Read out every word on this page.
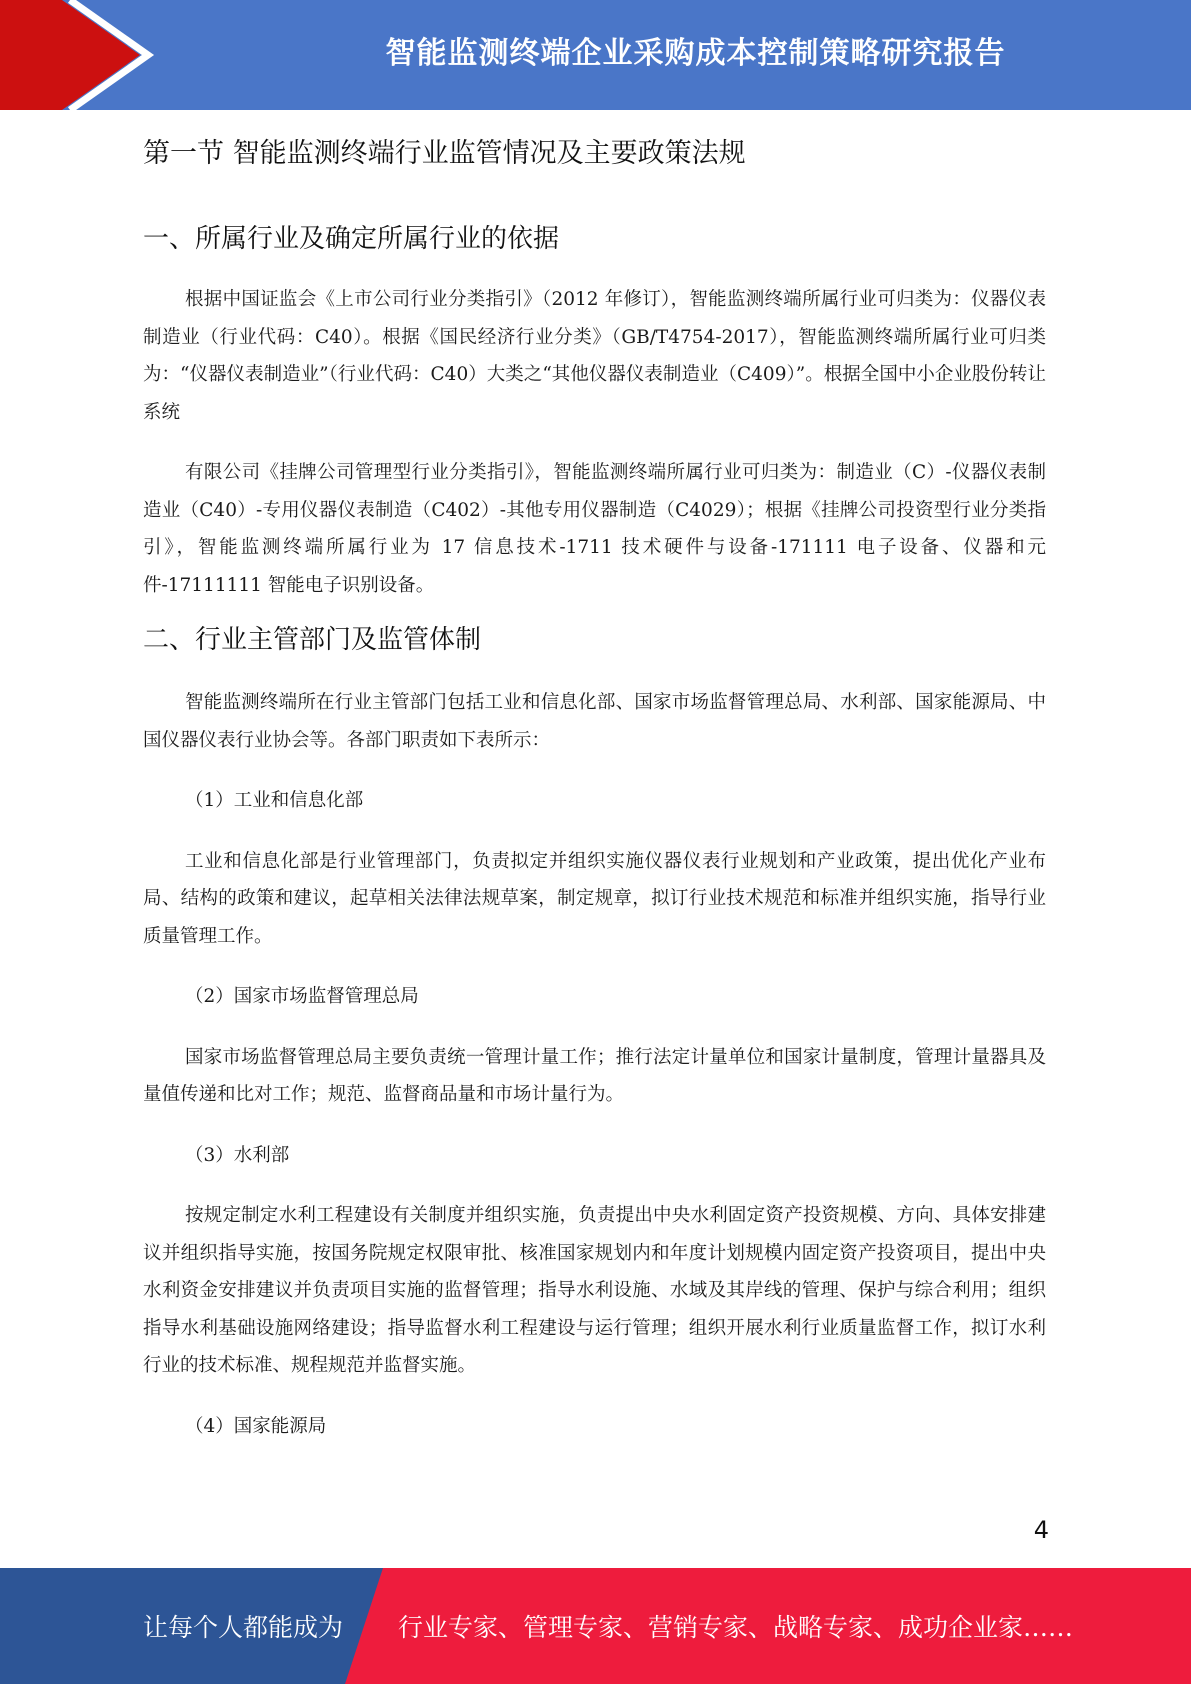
智能监测终端企业采购成本控制策略研究报告
第一节 智能监测终端行业监管情况及主要政策法规
一、所属行业及确定所属行业的依据

根据中国证监会《上市公司行业分类指引》（2012 年修订），智能监测终端所属行业可归类为：仪器仪表制造业（行业代码：C40）。根据《国民经济行业分类》（GB/T4754-2017），智能监测终端所属行业可归类为：“仪器仪表制造业”（行业代码：C40）大类之“其他仪器仪表制造业（C409）”。根据全国中小企业股份转让系统

有限公司《挂牌公司管理型行业分类指引》，智能监测终端所属行业可归类为：制造业（C）-仪器仪表制造业（C40）-专用仪器仪表制造（C402）-其他专用仪器制造（C4029）；根据《挂牌公司投资型行业分类指引》，智能监测终端所属行业为 17 信息技术-1711 技术硬件与设备-171111 电子设备、仪器和元件-17111111 智能电子识别设备。

二、行业主管部门及监管体制

智能监测终端所在行业主管部门包括工业和信息化部、国家市场监督管理总局、水利部、国家能源局、中国仪器仪表行业协会等。各部门职责如下表所示：

（1）工业和信息化部

工业和信息化部是行业管理部门，负责拟定并组织实施仪器仪表行业规划和产业政策，提出优化产业布局、结构的政策和建议，起草相关法律法规草案，制定规章，拟订行业技术规范和标准并组织实施，指导行业质量管理工作。

（2）国家市场监督管理总局

国家市场监督管理总局主要负责统一管理计量工作；推行法定计量单位和国家计量制度，管理计量器具及量值传递和比对工作；规范、监督商品量和市场计量行为。

（3）水利部

按规定制定水利工程建设有关制度并组织实施，负责提出中央水利固定资产投资规模、方向、具体安排建议并组织指导实施，按国务院规定权限审批、核准国家规划内和年度计划规模内固定资产投资项目，提出中央水利资金安排建议并负责项目实施的监督管理；指导水利设施、水域及其岸线的管理、保护与综合利用；组织指导水利基础设施网络建设；指导监督水利工程建设与运行管理；组织开展水利行业质量监督工作，拟订水利行业的技术标准、规程规范并监督实施。

（4）国家能源局

4
让每个人都能成为 行业专家、管理专家、营销专家、战略专家、成功企业家……
